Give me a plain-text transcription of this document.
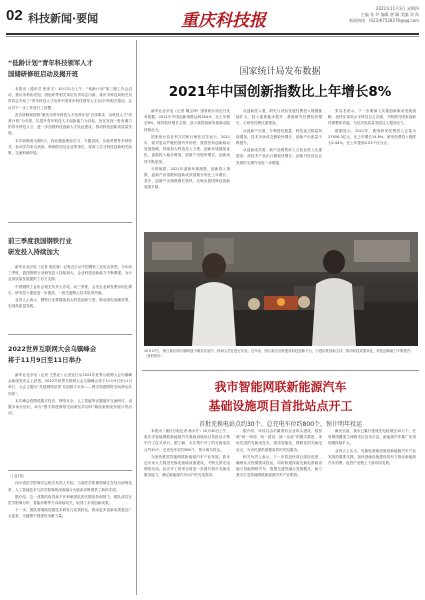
02 科技新闻·要闻	重庆科技报
2022年11月3日 星期四
主编 张 玲 编辑 唐 飘 美编 刘 尚
新闻热线：(023)67528276@qq.com
“低龄计划”青年科技领军人才
国储研修班启动及揭开班

本报讯（通讯员 张家宝）10月31日上午，“低龄计划”第三期工作会启动，重庆市科协党组、团组织等相关单位负责同志出席。重庆市科技局相关负责同志介绍了“青年科技人才培养中国青年科技领军人才启动”的相关情况，会议对下一步工作进行了部署。

此次研修班按照“重庆市青年科技人才培养计划”总体要求，以科技人才“培养计划”为引领，以提升青年科技人才创新能力为目标，旨在发现一批有潜力的青年科技人才，进一步加强科技创新人才队伍建设，推动科技创新高质量发展。

本次研修班为期5天，内容涵盖理论学习、专题讲座、实地考察等多种形式，参训学员来自高校、科研院所及企业等单位，将深入学习科技创新相关政策，交流科研经验。

前三季度我国钢铁行业
研发投入持续加大

新华社北京电（记者 姜辰蓉）记者近日从中国钢铁工业协会获悉，今年前三季度，我国钢铁行业研发投入持续加大，企业科技创新能力不断增强，为行业高质量发展提供了有力支撑。

中国钢铁工业协会相关负责人介绍，前三季度，会员企业研发费用同比增长，研发投入强度进一步提高，一批关键核心技术取得突破。

业内人士表示，钢铁行业要继续加大科技创新力度，推动绿色低碳转型，实现高质量发展。

2022世界互联网大会乌镇峰会
将于11月9日至11日举办

新华社北京电（记者 王思北）记者近日从2022年世界互联网大会乌镇峰会新闻发布会上获悉，2022年世界互联网大会乌镇峰会将于11月9日至11日举行，大会主题为“共建网络世界 共创数字未来——携手构建网络空间命运共同体”。

本次峰会将围绕数字经济、网络安全、人工智能等议题展开交流研讨，设置多场分论坛，举办“携手构建网络空间命运共同体”精品案例发布展示等活动。

（上接1版）

四川省医学影像学会相关负责人介绍，当前医学影像领域正在经历深刻变革，人工智能技术与医学影像的深度融合为临床诊断提供了新的手段。

据介绍，这一成果的取得离不开科研团队的长期坚持和努力，团队成员在医学影像分析、智能诊断等方向持续攻关，取得了多项创新成果。

下一步，团队将继续加强技术研发与成果转化，推动更多创新成果惠及广大患者，为健康中国建设贡献力量。

国家统计局发布数据
2021年中国创新指数比上年增长8%

新华社北京电（记者 魏玉坤）国家统计局近日发布数据，2021年中国创新指数达到264.6，比上年增长8%，保持较快增长态势，显示我国创新发展新动能持续壮大。

国家统计局社科文司统计师张启龙表示，2021年，面对复杂严峻的国内外形势，我国坚持创新驱动发展战略，持续加大科技投入力度，创新环境继续优化，创新投入稳步增加，创新产出较快增长，创新成效不断显现。

分领域看，2021年创新环境指数、创新投入指数、创新产出指数和创新成效指数分别比上年增长。其中，创新产出指数增长较快，反映出我国科技创新成果丰硕。

从创新投入看，研究与试验发展经费投入规模继续扩大，投入强度稳步提升；基础研究经费较快增长，占研发经费比重提高。

从创新产出看，专利授权数量、科技论文数量持续增加，技术市场成交额较快增长，创新产出质量不断提升。

从创新成效看，新产品销售收入占营业收入比重提高，高技术产品出口额较快增长，创新对经济社会发展的支撑作用进一步增强。

张启龙表示，下一步要深入实施创新驱动发展战略，加快实现高水平科技自立自强，不断提升国家创新体系整体效能，为经济高质量发展注入强劲动力。

数据显示，2021年，我国研发经费投入总量为27956.3亿元，比上年增长14.6%，研发经费投入强度为2.44%，比上年提高0.03个百分点。

10月27日，两江新区明月湖科创小镇实验室内，科研人员在进行实验。近年来，两江新区加快建设科技创新平台，引进培育创新主体，推动科技成果转化，科技创新能力不断提升。（资料图片）
我市智能网联新能源汽车
基础设施项目首批站点开工
首批充换电站点约30个、总充电车位约800个，预计明年投运

本报讯（重庆日报记者 杨永芹）10月30日上午，重庆市智能网联新能源汽车基础设施项目首批站点集中开工仪式举行。据了解，本次集中开工的充换电站点约30个，总充电车位约800个，预计明年投运。

为加快推进智能网联新能源汽车产业发展，我市近年来大力推进充换电基础设施建设，不断完善充电网络布局。此次开工的项目将进一步提升我市充换电服务能力，满足新能源汽车用户的充电需求。

据介绍，该项目由市属国有企业牵头建设，将按照“统一规划、统一建设、统一运营”的模式推进，采用先进的充换电技术，建设智能化、网联化的充换电站点，为市民提供便捷高效的充电服务。

相关负责人表示，下一步将加快项目建设进度，确保站点按期建成投运，同时积极探索充换电基础设施与智能网联汽车、智慧交通等融合发展模式，助力我市打造智能网联新能源汽车产业集群。

截至目前，我市已累计建成充电桩超过10万个，充电网络覆盖主城都市区及各区县，新能源汽车推广应用规模持续扩大。

业内人士认为，充换电基础设施是新能源汽车产业发展的重要支撑，加快基础设施建设将有力推动新能源汽车消费，促进产业链上下游协同发展。
